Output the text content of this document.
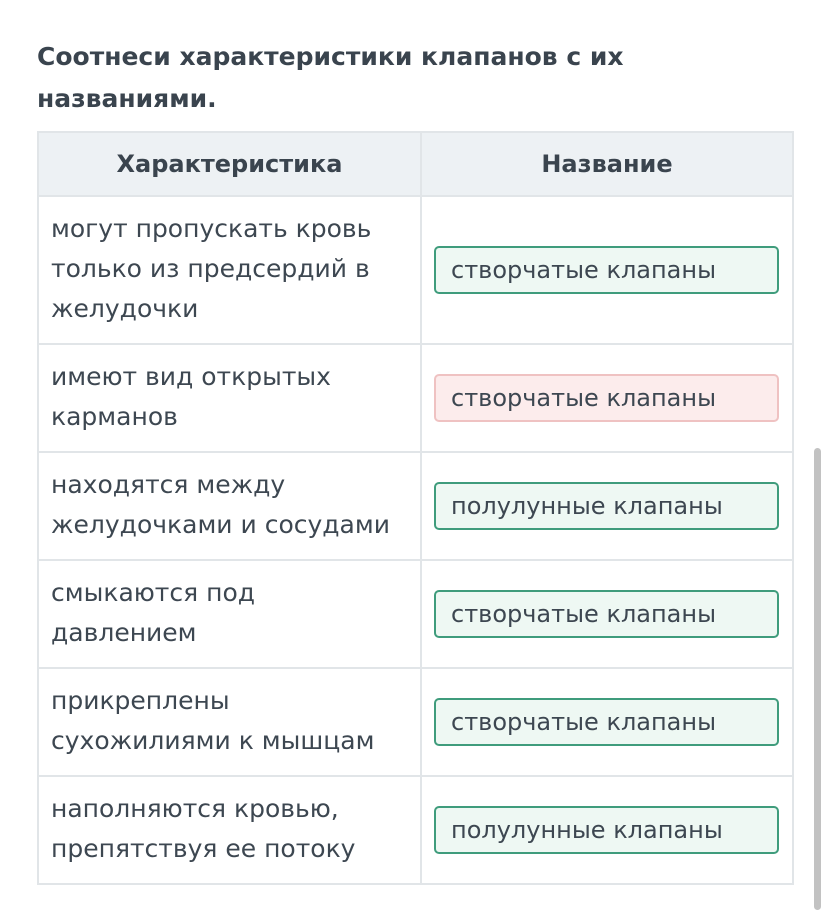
Соотнеси характеристики клапанов с их названиями.
Характеристика	Название
могут пропускать кровь только из предсердий в желудочки	створчатые клапаны

имеют вид открытых карманов	створчатые клапаны

находятся между желудочками и сосудами	полулунные клапаны

смыкаются под давлением	створчатые клапаны

прикреплены сухожилиями к мышцам	створчатые клапаны

наполняются кровью, препятствуя ее потоку	полулунные клапаны
